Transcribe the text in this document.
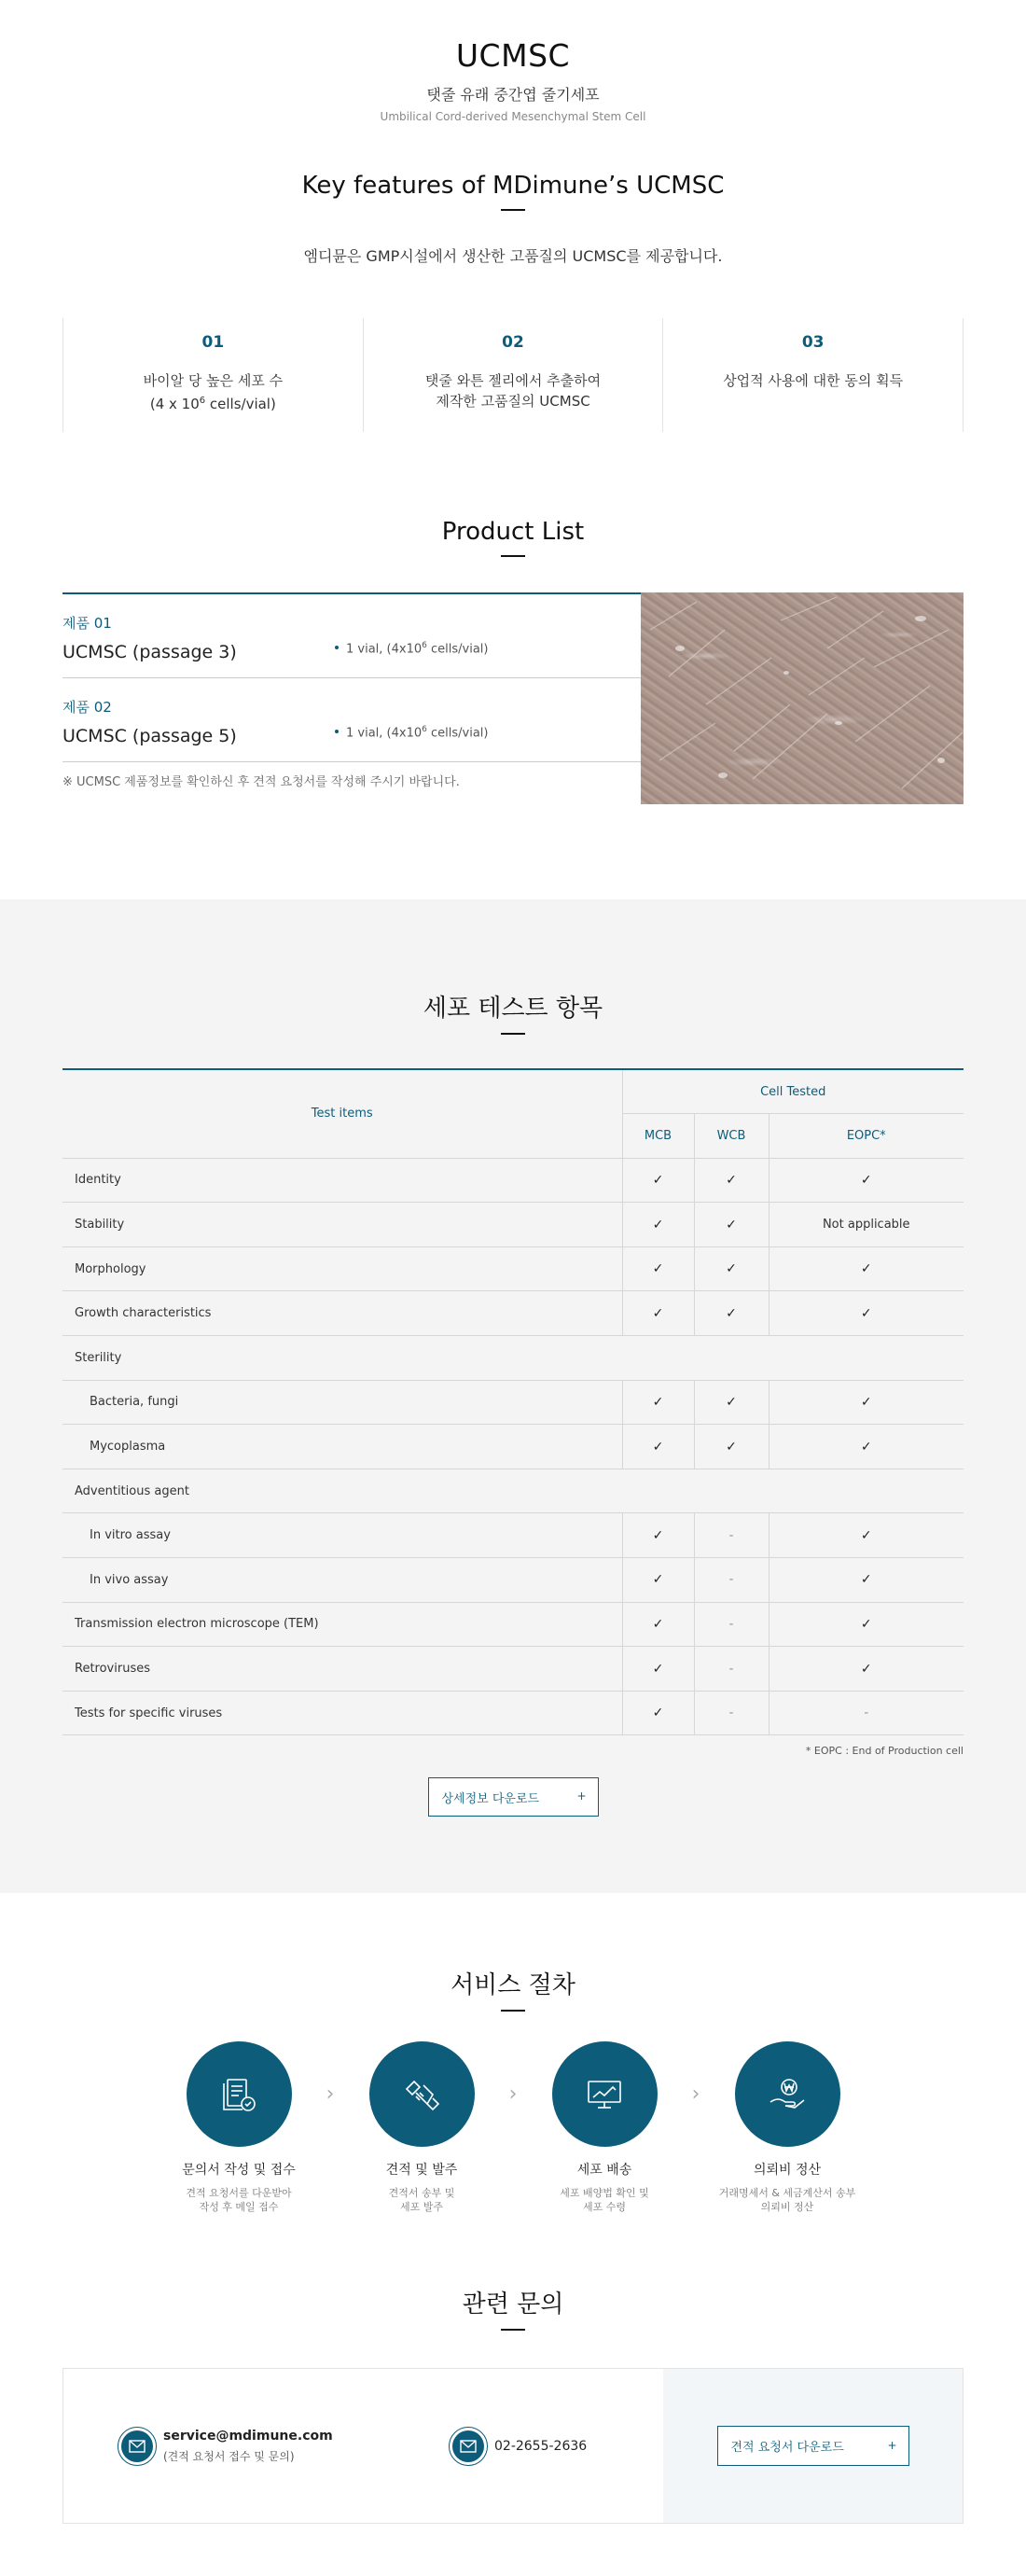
UCMSC
탯줄 유래 중간엽 줄기세포
Umbilical Cord-derived Mesenchymal Stem Cell
Key features of MDimune’s UCMSC

엠디뮨은 GMP시설에서 생산한 고품질의 UCMSC를 제공합니다.

01
바이알 당 높은 세포 수
(4 x $10^6$ cells/vial)
02
탯줄 와튼 젤리에서 추출하여
제작한 고품질의 UCMSC
03
상업적 사용에 대한 동의 획득
Product List
제품 01
UCMSC (passage 3)	1 vial, ($4x10^6$ cells/vial)
제품 02
UCMSC (passage 5)	1 vial, ($4x10^6$ cells/vial)

※ UCMSC 제품정보를 확인하신 후 견적 요청서를 작성해 주시기 바랍니다.

세포 테스트 항목
Test items	Cell Tested		
	MCB	WCB	EOPC*
Identity	✓	✓	✓
Stability	✓	✓	Not applicable
Morphology	✓	✓	✓
Growth characteristics	✓	✓	✓
Sterility			
Bacteria, fungi	✓	✓	✓
Mycoplasma	✓	✓	✓
Adventitious agent			
In vitro assay	✓	-	✓
In vivo assay	✓	-	✓
Transmission electron microscope (TEM)	✓	-	✓
Retroviruses	✓	-	✓
Tests for specific viruses	✓	-	-

* EOPC : End of Production cell

상세정보 다운로드	+
서비스 절차
문의서 작성 및 접수
견적 요청서를 다운받아
작성 후 메일 접수
›
견적 및 발주
견적서 송부 및
세포 발주
›
세포 배송
세포 배양법 확인 및
세포 수령
›
의뢰비 정산
거래명세서 & 세금계산서 송부
의뢰비 정산
관련 문의
service@mdimune.com
(견적 요청서 접수 및 문의)
02-2655-2636	견적 요청서 다운로드	+
